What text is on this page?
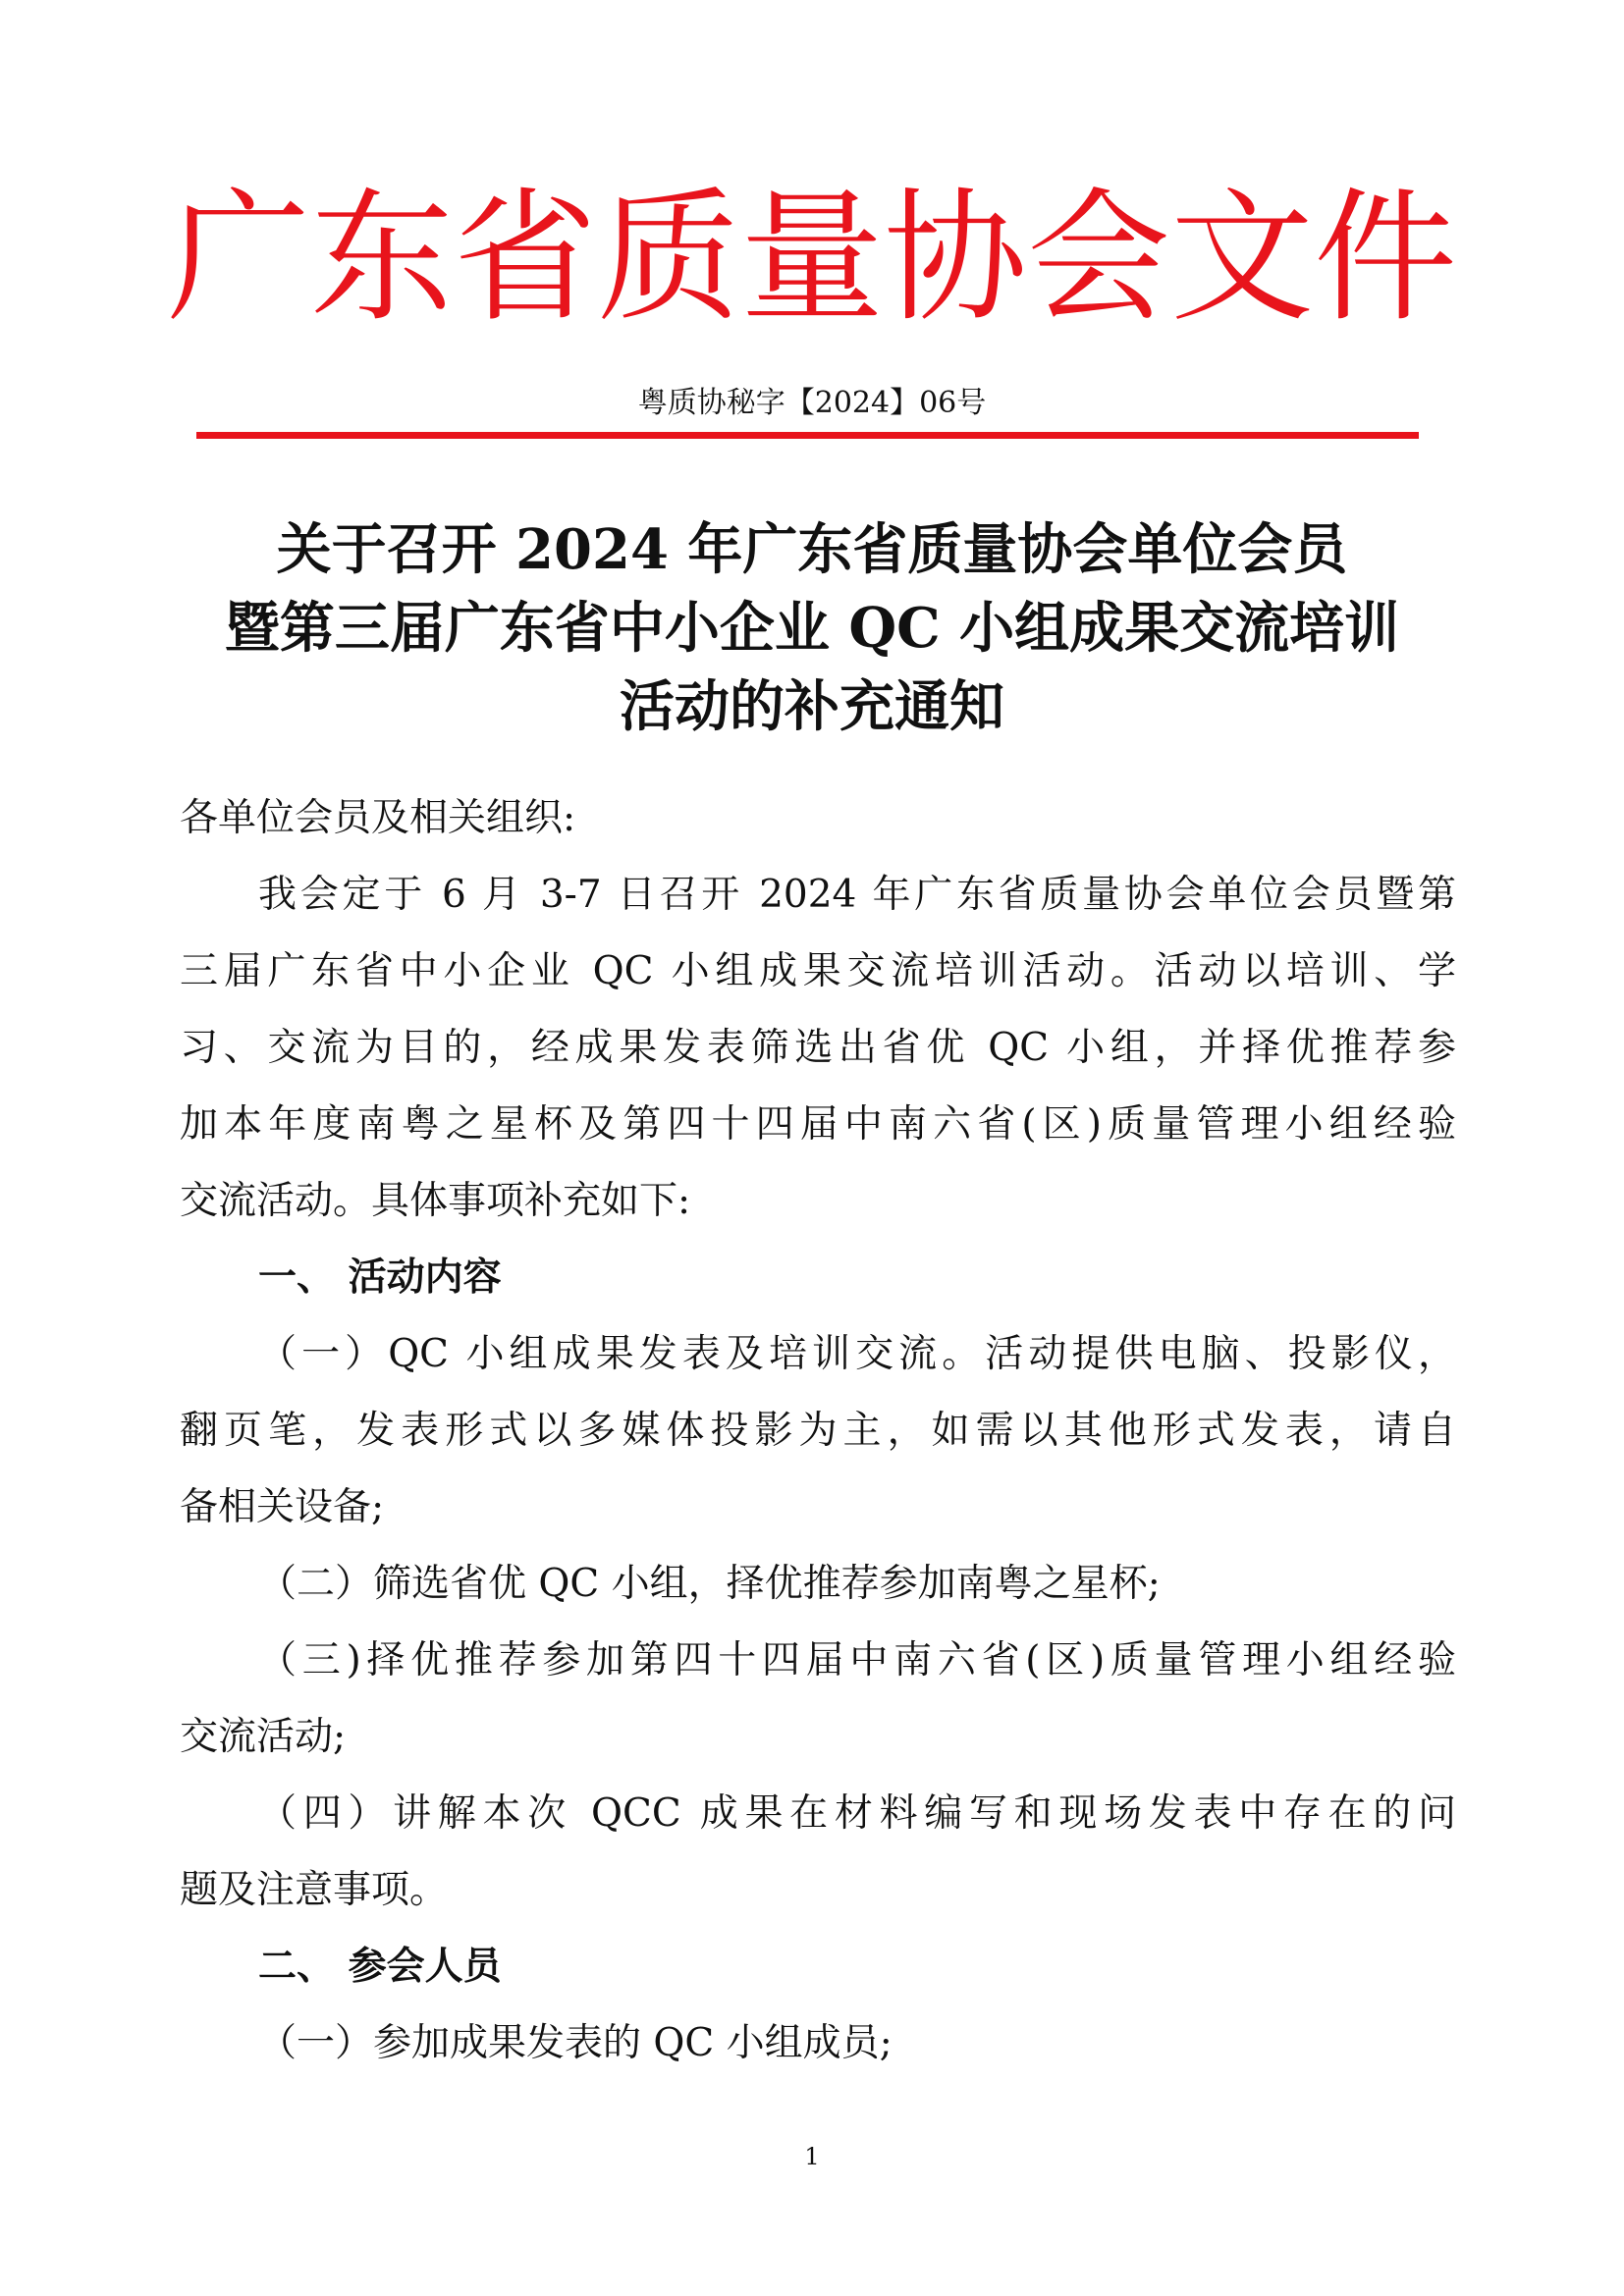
广东省质量协会文件
粤质协秘字【2024】06号
关于召开 2024 年广东省质量协会单位会员
暨第三届广东省中小企业 QC 小组成果交流培训
活动的补充通知
各单位会员及相关组织:
我会定于 6 月 3-7 日召开 2024 年广东省质量协会单位会员暨第
三届广东省中小企业 QC 小组成果交流培训活动。活动以培训、学
习、交流为目的，经成果发表筛选出省优 QC 小组，并择优推荐参
加本年度南粤之星杯及第四十四届中南六省(区)质量管理小组经验
交流活动。具体事项补充如下:
一、 活动内容
（一）QC 小组成果发表及培训交流。活动提供电脑、投影仪，
翻页笔，发表形式以多媒体投影为主，如需以其他形式发表，请自
备相关设备;
（二）筛选省优 QC 小组，择优推荐参加南粤之星杯;
（三)择优推荐参加第四十四届中南六省(区)质量管理小组经验
交流活动;
（四）讲解本次 QCC 成果在材料编写和现场发表中存在的问
题及注意事项。
二、 参会人员
（一）参加成果发表的 QC 小组成员;
1
